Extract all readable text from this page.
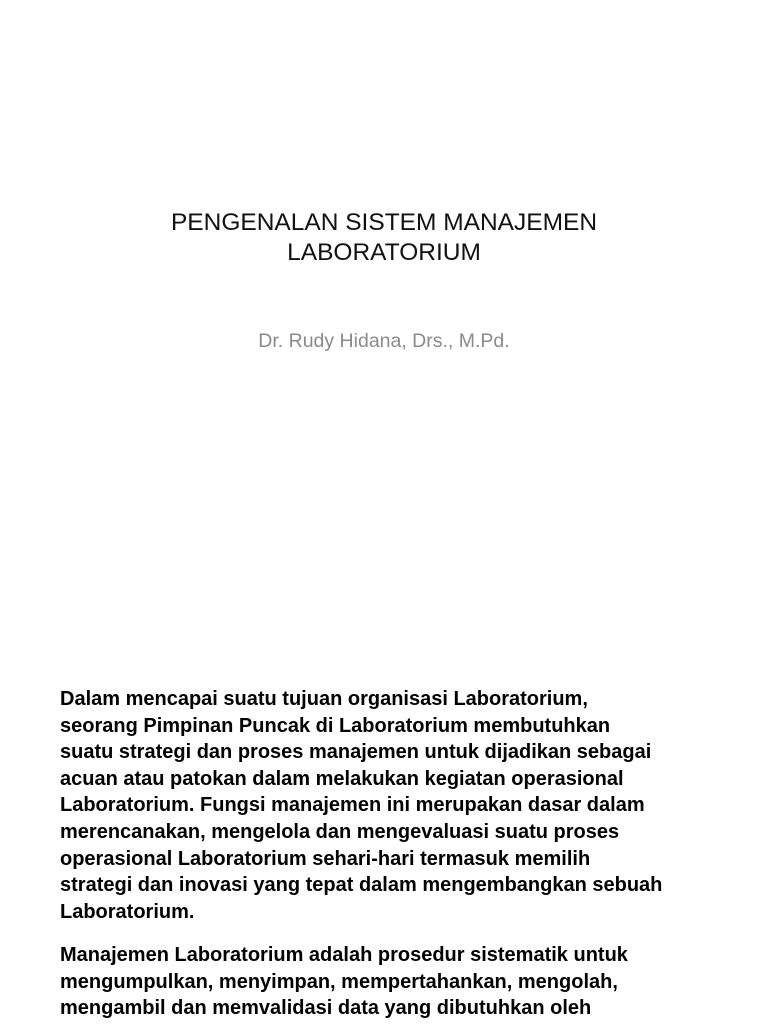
PENGENALAN SISTEM MANAJEMEN
LABORATORIUM

Dr. Rudy Hidana, Drs., M.Pd.

Dalam mencapai suatu tujuan organisasi Laboratorium,
seorang Pimpinan Puncak di Laboratorium membutuhkan
suatu strategi dan proses manajemen untuk dijadikan sebagai
acuan atau patokan dalam melakukan kegiatan operasional
Laboratorium. Fungsi manajemen ini merupakan dasar dalam
merencanakan, mengelola dan mengevaluasi suatu proses
operasional Laboratorium sehari-hari termasuk memilih
strategi dan inovasi yang tepat dalam mengembangkan sebuah
Laboratorium.

Manajemen Laboratorium adalah prosedur sistematik untuk
mengumpulkan, menyimpan, mempertahankan, mengolah,
mengambil dan memvalidasi data yang dibutuhkan oleh
